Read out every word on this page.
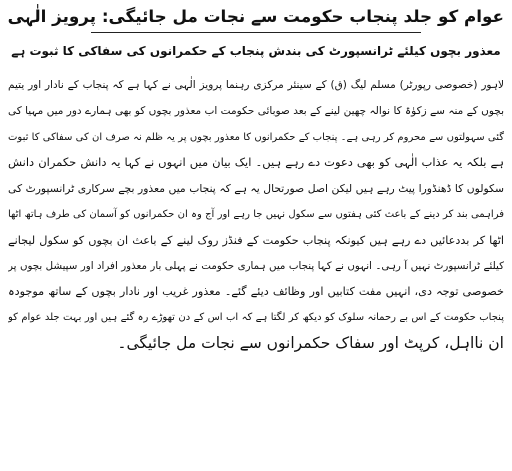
عوام کو جلد پنجاب حکومت سے نجات مل جائیگی: پرویز الٰہی
معذور بچوں کیلئے ٹرانسپورٹ کی بندش پنجاب کے حکمرانوں کی سفاکی کا ثبوت ہے
لاہور (خصوصی رپورٹر) مسلم لیگ (ق) کے سینئر مرکزی رہنما پرویز الٰہی نے کہا ہے کہ پنجاب کے نادار اور یتیم
بچوں کے منہ سے زکوٰۃ کا نوالہ چھین لینے کے بعد صوبائی حکومت اب معذور بچوں کو بھی ہمارے دور میں مہیا کی
گئی سہولتوں سے محروم کر رہی ہے۔ پنجاب کے حکمرانوں کا معذور بچوں پر یہ ظلم نہ صرف ان کی سفاکی کا ثبوت
ہے بلکہ یہ عذاب الٰہی کو بھی دعوت دے رہے ہیں۔ ایک بیان میں انہوں نے کہا یہ دانش حکمران دانش
سکولوں کا ڈھنڈورا پیٹ رہے ہیں لیکن اصل صورتحال یہ ہے کہ پنجاب میں معذور بچے سرکاری ٹرانسپورٹ کی
فراہمی بند کر دینے کے باعث کئی ہفتوں سے سکول نہیں جا رہے اور آج وہ ان حکمرانوں کو آسمان کی طرف ہاتھ اٹھا
اٹھا کر بددعائیں دے رہے ہیں کیونکہ پنجاب حکومت کے فنڈز روک لینے کے باعث ان بچوں کو سکول لیجانے
کیلئے ٹرانسپورٹ نہیں آ رہی۔ انہوں نے کہا پنجاب میں ہماری حکومت نے پہلی بار معذور افراد اور سپیشل بچوں پر
خصوصی توجہ دی، انہیں مفت کتابیں اور وظائف دیئے گئے۔ معذور غریب اور نادار بچوں کے ساتھ موجودہ
پنجاب حکومت کے اس بے رحمانہ سلوک کو دیکھ کر لگتا ہے کہ اب اس کے دن تھوڑے رہ گئے ہیں اور بہت جلد عوام کو
ان نااہل، کرپٹ اور سفاک حکمرانوں سے نجات مل جائیگی۔
